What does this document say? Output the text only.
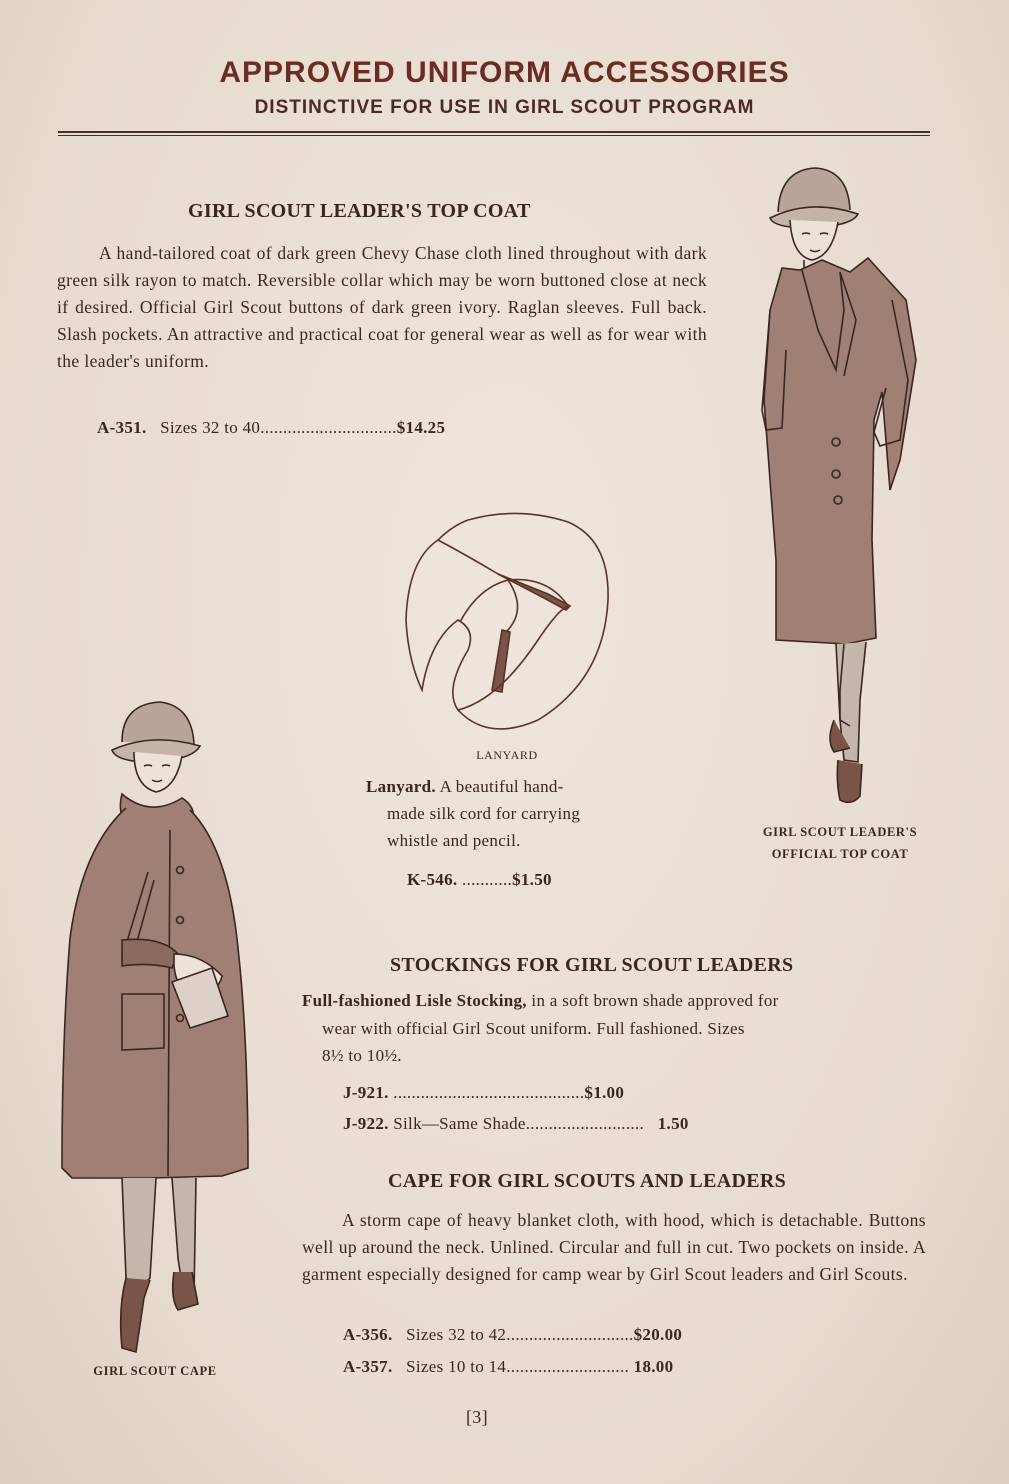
APPROVED UNIFORM ACCESSORIES
DISTINCTIVE FOR USE IN GIRL SCOUT PROGRAM
GIRL SCOUT LEADER'S TOP COAT
A hand-tailored coat of dark green Chevy Chase cloth lined throughout with dark green silk rayon to match. Reversible collar which may be worn buttoned close at neck if desired. Official Girl Scout buttons of dark green ivory. Raglan sleeves. Full back. Slash pockets. An attractive and practical coat for general wear as well as for wear with the leader's uniform.
A-351. Sizes 32 to 40..............................$14.25
GIRL SCOUT LEADER'S
OFFICIAL TOP COAT
LANYARD
Lanyard. A beautiful hand-
made silk cord for carrying
whistle and pencil.
K-546. ...........$1.50
GIRL SCOUT CAPE
STOCKINGS FOR GIRL SCOUT LEADERS
Full-fashioned Lisle Stocking, in a soft brown shade approved for
wear with official Girl Scout uniform. Full fashioned. Sizes
8½ to 10½.
J-921. ..........................................$1.00
J-922. Silk—Same Shade.......................... 1.50
CAPE FOR GIRL SCOUTS AND LEADERS
A storm cape of heavy blanket cloth, with hood, which is detachable. Buttons well up around the neck. Unlined. Circular and full in cut. Two pockets on inside. A garment especially designed for camp wear by Girl Scout leaders and Girl Scouts.
A-356. Sizes 32 to 42............................$20.00
A-357. Sizes 10 to 14........................... 18.00
[3]
